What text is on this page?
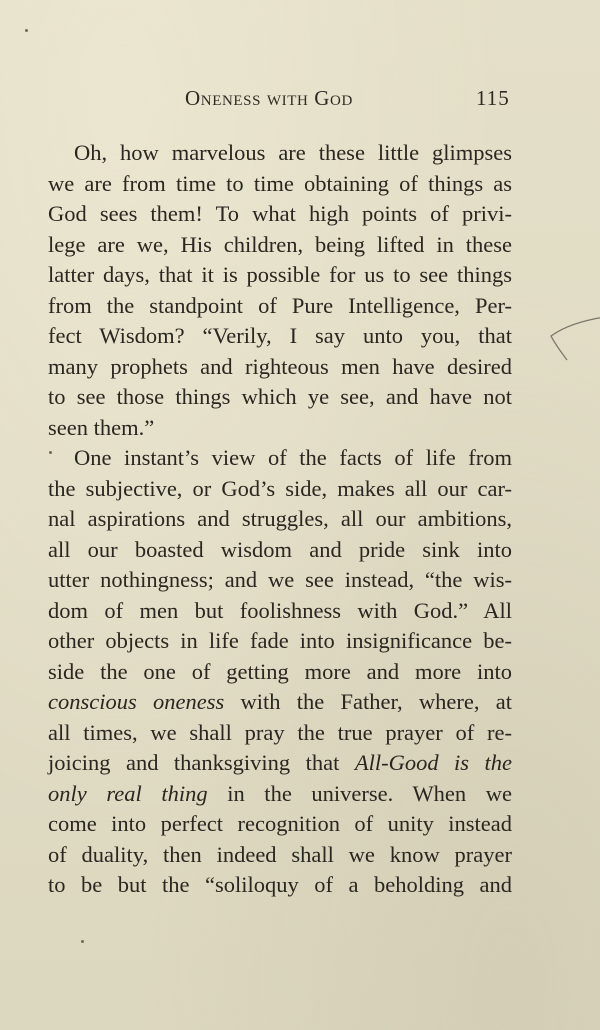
Oneness with God	115
Oh, how marvelous are these little glimpses
we are from time to time obtaining of things as
God sees them! To what high points of privi-
lege are we, His children, being lifted in these
latter days, that it is possible for us to see things
from the standpoint of Pure Intelligence, Per-
fect Wisdom? “Verily, I say unto you, that
many prophets and righteous men have desired
to see those things which ye see, and have not
seen them.”
One instant’s view of the facts of life from
the subjective, or God’s side, makes all our car-
nal aspirations and struggles, all our ambitions,
all our boasted wisdom and pride sink into
utter nothingness; and we see instead, “the wis-
dom of men but foolishness with God.” All
other objects in life fade into insignificance be-
side the one of getting more and more into
conscious oneness with the Father, where, at
all times, we shall pray the true prayer of re-
joicing and thanksgiving that All-Good is the
only real thing in the universe. When we
come into perfect recognition of unity instead
of duality, then indeed shall we know prayer
to be but the “soliloquy of a beholding and
